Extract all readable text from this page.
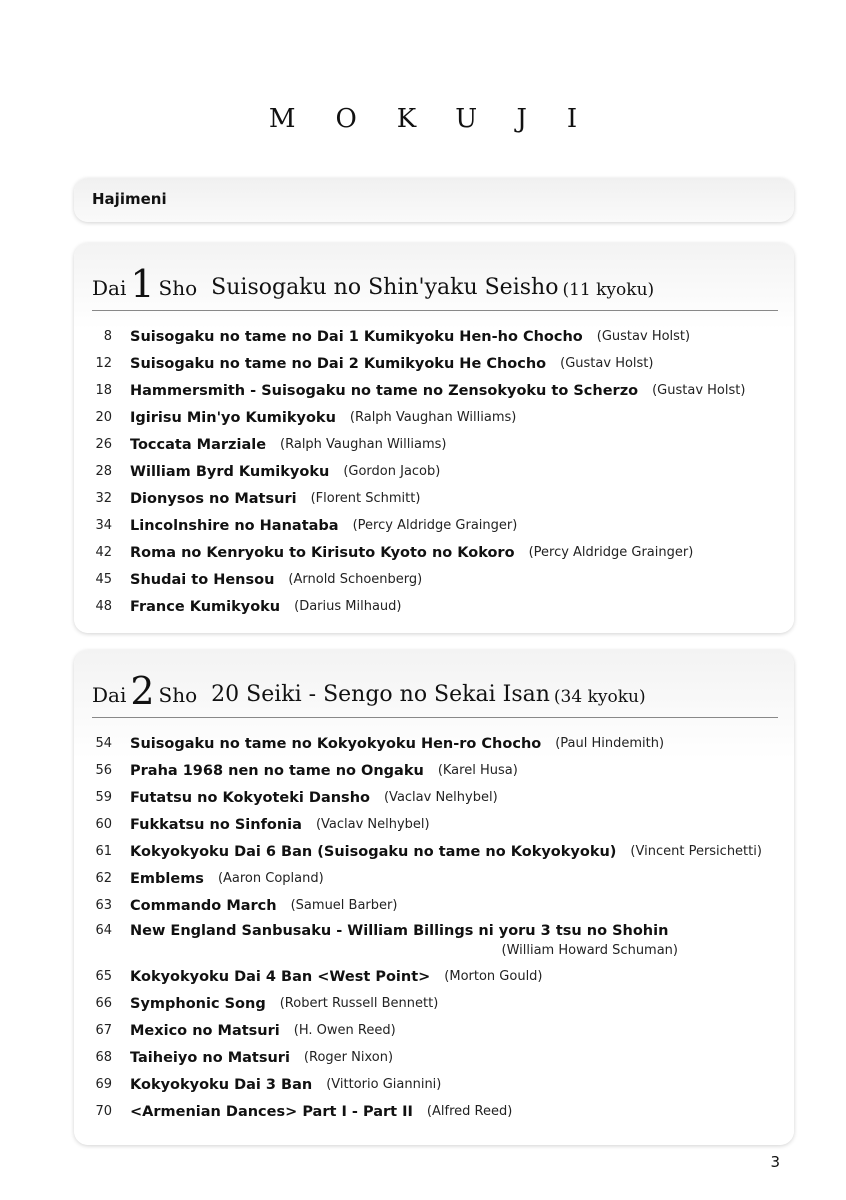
MOKUJI
Hajimeni
Dai 1 Sho Suisogaku no Shin'yaku Seisho (11 kyoku)
8 Suisogaku no tame no Dai 1 Kumikyoku Hen-ho Chocho (Gustav Holst)
12 Suisogaku no tame no Dai 2 Kumikyoku He Chocho (Gustav Holst)
18 Hammersmith - Suisogaku no tame no Zensokyoku to Scherzo (Gustav Holst)
20 Igirisu Min'yo Kumikyoku (Ralph Vaughan Williams)
26 Toccata Marziale (Ralph Vaughan Williams)
28 William Byrd Kumikyoku (Gordon Jacob)
32 Dionysos no Matsuri (Florent Schmitt)
34 Lincolnshire no Hanataba (Percy Aldridge Grainger)
42 Roma no Kenryoku to Kirisuto Kyoto no Kokoro (Percy Aldridge Grainger)
45 Shudai to Hensou (Arnold Schoenberg)
48 France Kumikyoku (Darius Milhaud)
Dai 2 Sho 20 Seiki - Sengo no Sekai Isan (34 kyoku)
54 Suisogaku no tame no Kokyokyoku Hen-ro Chocho (Paul Hindemith)
56 Praha 1968 nen no tame no Ongaku (Karel Husa)
59 Futatsu no Kokyoteki Dansho (Vaclav Nelhybel)
60 Fukkatsu no Sinfonia (Vaclav Nelhybel)
61 Kokyokyoku Dai 6 Ban (Suisogaku no tame no Kokyokyoku) (Vincent Persichetti)
62 Emblems (Aaron Copland)
63 Commando March (Samuel Barber)
64 New England Sanbusaku - William Billings ni yoru 3 tsu no Shohin
(William Howard Schuman)
65 Kokyokyoku Dai 4 Ban <West Point> (Morton Gould)
66 Symphonic Song (Robert Russell Bennett)
67 Mexico no Matsuri (H. Owen Reed)
68 Taiheiyo no Matsuri (Roger Nixon)
69 Kokyokyoku Dai 3 Ban (Vittorio Giannini)
70 <Armenian Dances> Part I - Part II (Alfred Reed)
3
